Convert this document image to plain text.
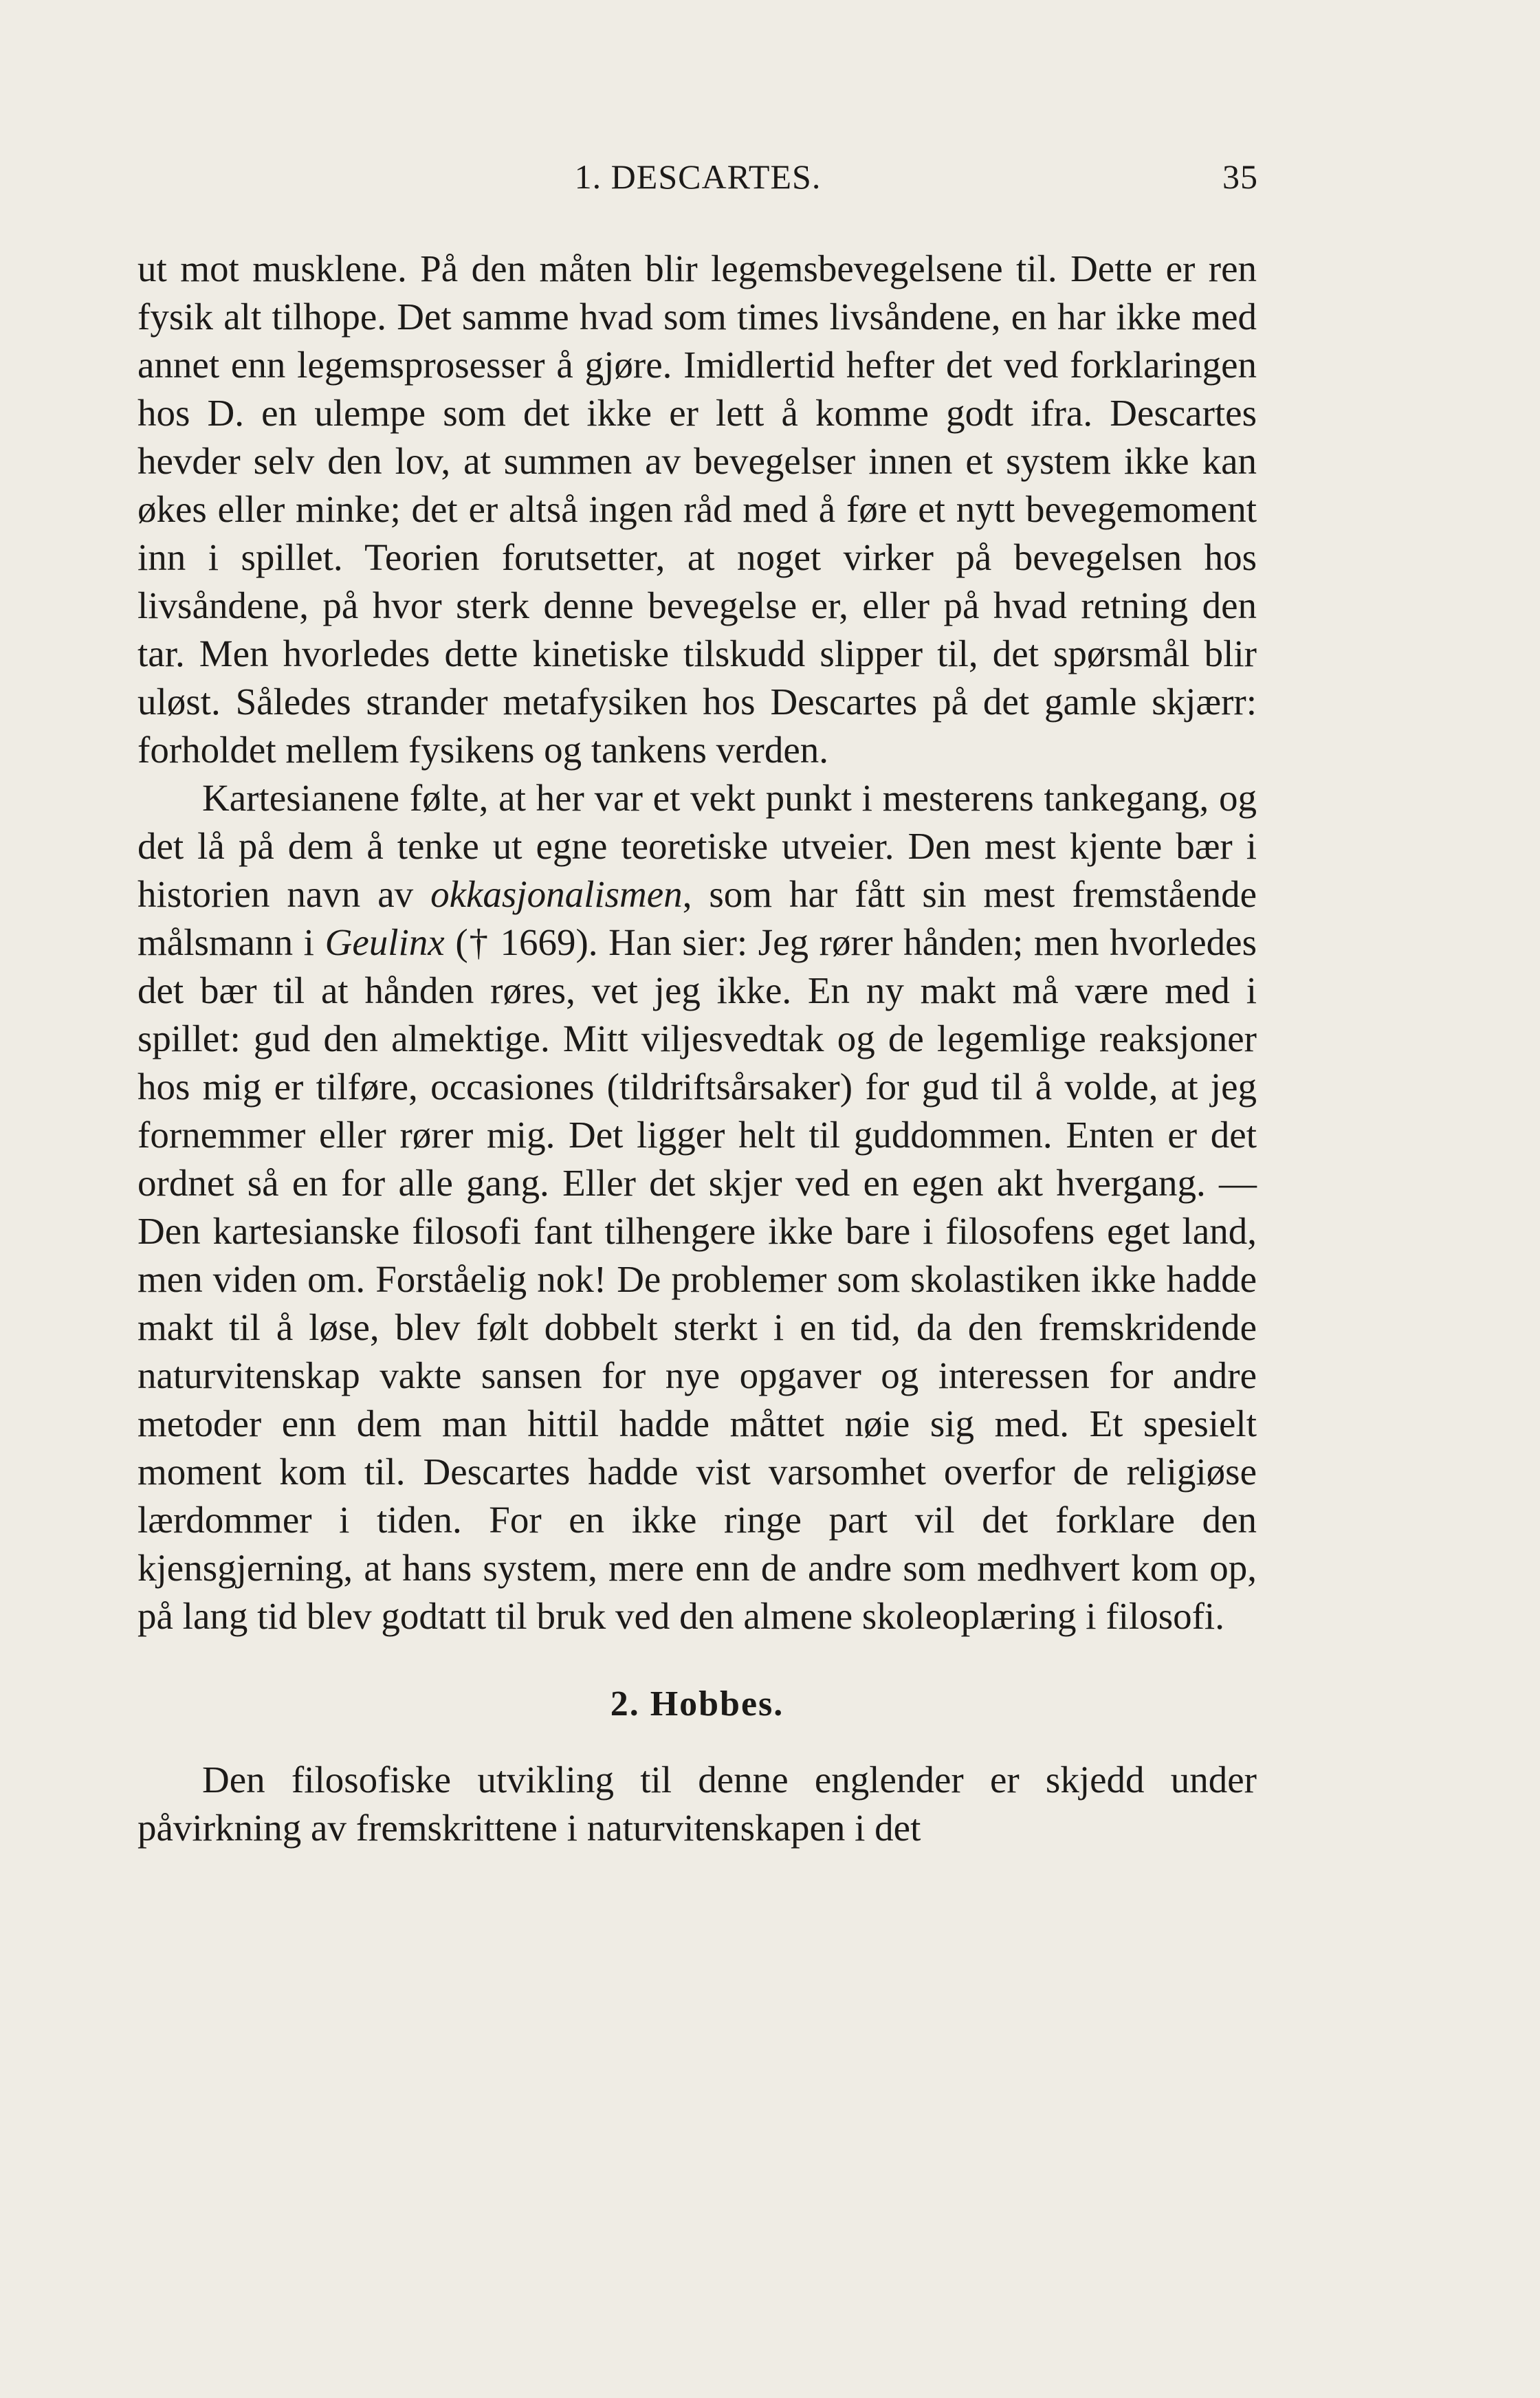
1. DESCARTES.	35

ut mot musklene. På den måten blir legemsbevegelsene til. Dette er ren fysik alt tilhope. Det samme hvad som times livsåndene, en har ikke med annet enn legemsprosesser å gjøre. Imidlertid hefter det ved forklaringen hos D. en ulempe som det ikke er lett å komme godt ifra. Descartes hevder selv den lov, at summen av bevegelser innen et system ikke kan økes eller minke; det er altså ingen råd med å føre et nytt bevegemoment inn i spillet. Teorien forutsetter, at noget virker på bevegelsen hos livsåndene, på hvor sterk denne bevegelse er, eller på hvad retning den tar. Men hvorledes dette kinetiske tilskudd slipper til, det spørsmål blir uløst. Således strander metafysiken hos Descartes på det gamle skjærr: forholdet mellem fysikens og tankens verden.

Kartesianene følte, at her var et vekt punkt i mesterens tankegang, og det lå på dem å tenke ut egne teoretiske utveier. Den mest kjente bær i historien navn av okkasjonalismen, som har fått sin mest fremstående målsmann i Geulinx († 1669). Han sier: Jeg rører hånden; men hvorledes det bær til at hånden røres, vet jeg ikke. En ny makt må være med i spillet: gud den almektige. Mitt viljesvedtak og de legemlige reaksjoner hos mig er tilføre, occasiones (tildriftsårsaker) for gud til å volde, at jeg fornemmer eller rører mig. Det ligger helt til guddommen. Enten er det ordnet så en for alle gang. Eller det skjer ved en egen akt hvergang. — Den kartesianske filosofi fant tilhengere ikke bare i filosofens eget land, men viden om. Forståelig nok! De problemer som skolastiken ikke hadde makt til å løse, blev følt dobbelt sterkt i en tid, da den fremskridende naturvitenskap vakte sansen for nye opgaver og interessen for andre metoder enn dem man hittil hadde måttet nøie sig med. Et spesielt moment kom til. Descartes hadde vist varsomhet overfor de religiøse lærdommer i tiden. For en ikke ringe part vil det forklare den kjensgjerning, at hans system, mere enn de andre som medhvert kom op, på lang tid blev godtatt til bruk ved den almene skoleoplæring i filosofi.

2. Hobbes.

Den filosofiske utvikling til denne englender er skjedd under påvirkning av fremskrittene i naturvitenskapen i det
